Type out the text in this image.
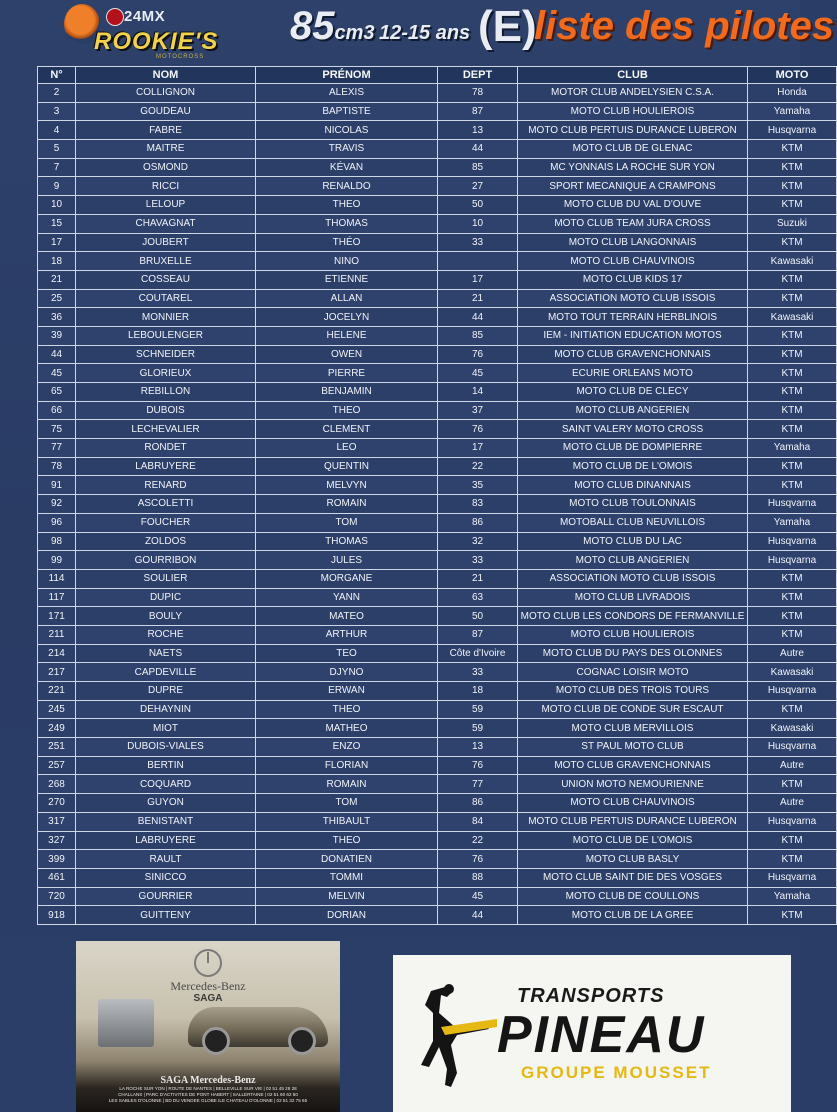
24MX
ROOKIE'S
MOTOCROSS
85cm3 12-15 ans (E)
liste des pilotes
N°	NOM	PRÉNOM	DEPT	CLUB	MOTO
2	COLLIGNON	ALEXIS	78	MOTOR CLUB ANDELYSIEN C.S.A.	Honda
3	GOUDEAU	BAPTISTE	87	MOTO CLUB HOULIEROIS	Yamaha
4	FABRE	NICOLAS	13	MOTO CLUB PERTUIS DURANCE LUBERON	Husqvarna
5	MAITRE	TRAVIS	44	MOTO CLUB DE GLENAC	KTM
7	OSMOND	KÉVAN	85	MC YONNAIS LA ROCHE SUR YON	KTM
9	RICCI	RENALDO	27	SPORT MECANIQUE A CRAMPONS	KTM
10	LELOUP	THEO	50	MOTO CLUB DU VAL D'OUVE	KTM
15	CHAVAGNAT	THOMAS	10	MOTO CLUB TEAM JURA CROSS	Suzuki
17	JOUBERT	THÉO	33	MOTO CLUB LANGONNAIS	KTM
18	BRUXELLE	NINO		MOTO CLUB CHAUVINOIS	Kawasaki
21	COSSEAU	ETIENNE	17	MOTO CLUB KIDS 17	KTM
25	COUTAREL	ALLAN	21	ASSOCIATION MOTO CLUB ISSOIS	KTM
36	MONNIER	JOCELYN	44	MOTO TOUT TERRAIN HERBLINOIS	Kawasaki
39	LEBOULENGER	HELENE	85	IEM - INITIATION EDUCATION MOTOS	KTM
44	SCHNEIDER	OWEN	76	MOTO CLUB GRAVENCHONNAIS	KTM
45	GLORIEUX	PIERRE	45	ECURIE ORLEANS MOTO	KTM
65	REBILLON	BENJAMIN	14	MOTO CLUB DE CLECY	KTM
66	DUBOIS	THEO	37	MOTO CLUB ANGERIEN	KTM
75	LECHEVALIER	CLEMENT	76	SAINT VALERY MOTO CROSS	KTM
77	RONDET	LEO	17	MOTO CLUB DE DOMPIERRE	Yamaha
78	LABRUYERE	QUENTIN	22	MOTO CLUB DE L'OMOIS	KTM
91	RENARD	MELVYN	35	MOTO CLUB DINANNAIS	KTM
92	ASCOLETTI	ROMAIN	83	MOTO CLUB TOULONNAIS	Husqvarna
96	FOUCHER	TOM	86	MOTOBALL CLUB NEUVILLOIS	Yamaha
98	ZOLDOS	THOMAS	32	MOTO CLUB DU LAC	Husqvarna
99	GOURRIBON	JULES	33	MOTO CLUB ANGERIEN	Husqvarna
114	SOULIER	MORGANE	21	ASSOCIATION MOTO CLUB ISSOIS	KTM
117	DUPIC	YANN	63	MOTO CLUB LIVRADOIS	KTM
171	BOULY	MATEO	50	MOTO CLUB LES CONDORS DE FERMANVILLE	KTM
211	ROCHE	ARTHUR	87	MOTO CLUB HOULIEROIS	KTM
214	NAETS	TEO	Côte d'Ivoire	MOTO CLUB DU PAYS DES OLONNES	Autre
217	CAPDEVILLE	DJYNO	33	COGNAC LOISIR MOTO	Kawasaki
221	DUPRE	ERWAN	18	MOTO CLUB DES TROIS TOURS	Husqvarna
245	DEHAYNIN	THEO	59	MOTO CLUB DE CONDE SUR ESCAUT	KTM
249	MIOT	MATHEO	59	MOTO CLUB MERVILLOIS	Kawasaki
251	DUBOIS-VIALES	ENZO	13	ST PAUL MOTO CLUB	Husqvarna
257	BERTIN	FLORIAN	76	MOTO CLUB GRAVENCHONNAIS	Autre
268	COQUARD	ROMAIN	77	UNION MOTO NEMOURIENNE	KTM
270	GUYON	TOM	86	MOTO CLUB CHAUVINOIS	Autre
317	BENISTANT	THIBAULT	84	MOTO CLUB PERTUIS DURANCE LUBERON	Husqvarna
327	LABRUYERE	THEO	22	MOTO CLUB DE L'OMOIS	KTM
399	RAULT	DONATIEN	76	MOTO CLUB BASLY	KTM
461	SINICCO	TOMMI	88	MOTO CLUB SAINT DIE DES VOSGES	Husqvarna
720	GOURRIER	MELVIN	45	MOTO CLUB DE COULLONS	Yamaha
918	GUITTENY	DORIAN	44	MOTO CLUB DE LA GREE	KTM
Mercedes-Benz
SAGA
SAGA Mercedes-Benz
LA ROCHE SUR YON | ROUTE DE NANTES | BELLEVILLE SUR VIE | 02 51 45 28 28
CHALLANS | PARC D'ACTIVITES DE PONT HABERT | SALLERTAINE | 02 51 60 62 60
LES SABLES D'OLONNE | BD DU VENDEE GLOBE ILE CHATEAU D'OLONNE | 02 51 32 75 65
TRANSPORTS
PINEAU
GROUPE MOUSSET
